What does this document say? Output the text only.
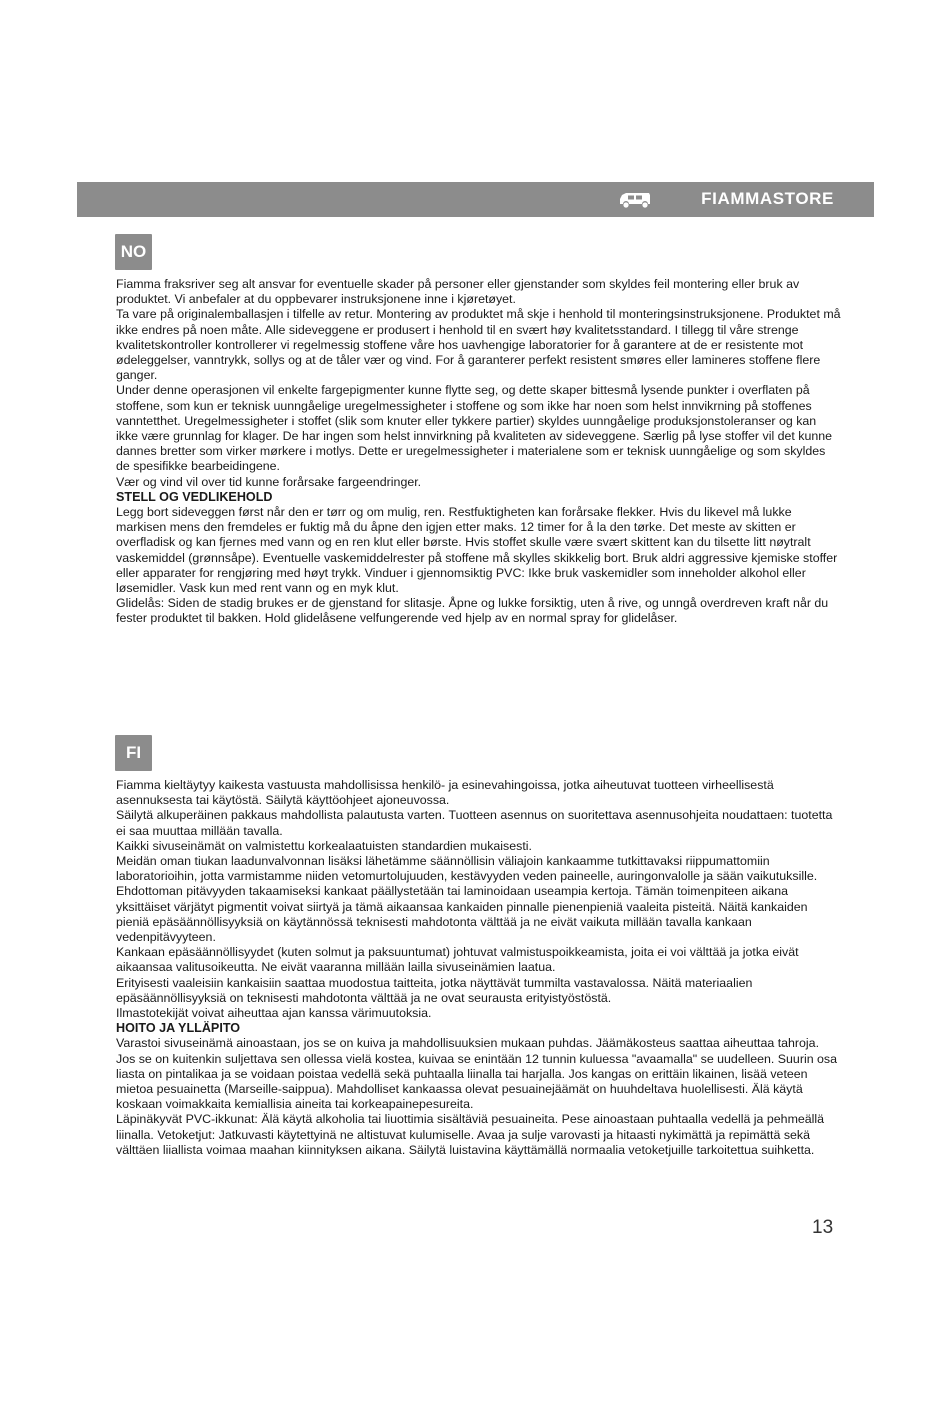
FIAMMASTORE
NO

Fiamma fraksriver seg alt ansvar for eventuelle skader på personer eller gjenstander som skyldes feil montering eller bruk av produktet. Vi anbefaler at du oppbevarer instruksjonene inne i kjøretøyet.

Ta vare på originalemballasjen i tilfelle av retur. Montering av produktet må skje i henhold til monteringsinstruksjonene. Produktet må ikke endres på noen måte. Alle sideveggene er produsert i henhold til en svært høy kvalitetsstandard. I tillegg til våre strenge kvalitetskontroller kontrollerer vi regelmessig stoffene våre hos uavhengige laboratorier for å garantere at de er resistente mot ødeleggelser, vanntrykk, sollys og at de tåler vær og vind. For å garanterer perfekt resistent smøres eller lamineres stoffene flere ganger.

Under denne operasjonen vil enkelte fargepigmenter kunne flytte seg, og dette skaper bittesmå lysende punkter i overflaten på stoffene, som kun er teknisk uunngåelige uregelmessigheter i stoffene og som ikke har noen som helst innvikrning på stoffenes vanntetthet. Uregelmessigheter i stoffet (slik som knuter eller tykkere partier) skyldes uunngåelige produksjonstoleranser og kan ikke være grunnlag for klager. De har ingen som helst innvirkning på kvaliteten av sideveggene. Særlig på lyse stoffer vil det kunne dannes bretter som virker mørkere i motlys. Dette er uregelmessigheter i materialene som er teknisk uunngåelige og som skyldes de spesifikke bearbeidingene.

Vær og vind vil over tid kunne forårsake fargeendringer.

STELL OG VEDLIKEHOLD

Legg bort sideveggen først når den er tørr og om mulig, ren. Restfuktigheten kan forårsake flekker. Hvis du likevel må lukke markisen mens den fremdeles er fuktig må du åpne den igjen etter maks. 12 timer for å la den tørke. Det meste av skitten er overfladisk og kan fjernes med vann og en ren klut eller børste. Hvis stoffet skulle være svært skittent kan du tilsette litt nøytralt vaskemiddel (grønnsåpe). Eventuelle vaskemiddelrester på stoffene må skylles skikkelig bort. Bruk aldri aggressive kjemiske stoffer eller apparater for rengjøring med høyt trykk. Vinduer i gjennomsiktig PVC: Ikke bruk vaskemidler som inneholder alkohol eller løsemidler. Vask kun med rent vann og en myk klut.

Glidelås: Siden de stadig brukes er de gjenstand for slitasje. Åpne og lukke forsiktig, uten å rive, og unngå overdreven kraft når du fester produktet til bakken. Hold glidelåsene velfungerende ved hjelp av en normal spray for glidelåser.

FI

Fiamma kieltäytyy kaikesta vastuusta mahdollisissa henkilö- ja esinevahingoissa, jotka aiheutuvat tuotteen virheellisestä asennuksesta tai käytöstä. Säilytä käyttöohjeet ajoneuvossa.

Säilytä alkuperäinen pakkaus mahdollista palautusta varten. Tuotteen asennus on suoritettava asennusohjeita noudattaen: tuotetta ei saa muuttaa millään tavalla.

Kaikki sivuseinämät on valmistettu korkealaatuisten standardien mukaisesti.

Meidän oman tiukan laadunvalvonnan lisäksi lähetämme säännöllisin väliajoin kankaamme tutkittavaksi riippumattomiin laboratorioihin, jotta varmistamme niiden vetomurtolujuuden, kestävyyden veden paineelle, auringonvalolle ja sään vaikutuksille. Ehdottoman pitävyyden takaamiseksi kankaat päällystetään tai laminoidaan useampia kertoja. Tämän toimenpiteen aikana yksittäiset värjätyt pigmentit voivat siirtyä ja tämä aikaansaa kankaiden pinnalle pienenpieniä vaaleita pisteitä. Näitä kankaiden pieniä epäsäännöllisyyksiä on käytännössä teknisesti mahdotonta välttää ja ne eivät vaikuta millään tavalla kankaan vedenpitävyyteen.

Kankaan epäsäännöllisyydet (kuten solmut ja paksuuntumat) johtuvat valmistuspoikkeamista, joita ei voi välttää ja jotka eivät aikaansaa valitusoikeutta. Ne eivät vaaranna millään lailla sivuseinämien laatua.

Erityisesti vaaleisiin kankaisiin saattaa muodostua taitteita, jotka näyttävät tummilta vastavalossa. Näitä materiaalien epäsäännöllisyyksiä on teknisesti mahdotonta välttää ja ne ovat seurausta erityistyöstöstä.

Ilmastotekijät voivat aiheuttaa ajan kanssa värimuutoksia.

HOITO JA YLLÄPITO

Varastoi sivuseinämä ainoastaan, jos se on kuiva ja mahdollisuuksien mukaan puhdas. Jäämäkosteus saattaa aiheuttaa tahroja. Jos se on kuitenkin suljettava sen ollessa vielä kostea, kuivaa se enintään 12 tunnin kuluessa "avaamalla" se uudelleen. Suurin osa liasta on pintalikaa ja se voidaan poistaa vedellä sekä puhtaalla liinalla tai harjalla. Jos kangas on erittäin likainen, lisää veteen mietoa pesuainetta (Marseille-saippua). Mahdolliset kankaassa olevat pesuainejäämät on huuhdeltava huolellisesti. Älä käytä koskaan voimakkaita kemiallisia aineita tai korkeapainepesureita.

Läpinäkyvät PVC-ikkunat: Älä käytä alkoholia tai liuottimia sisältäviä pesuaineita. Pese ainoastaan puhtaalla vedellä ja pehmeällä liinalla. Vetoketjut: Jatkuvasti käytettyinä ne altistuvat kulumiselle. Avaa ja sulje varovasti ja hitaasti nykimättä ja repimättä sekä välttäen liiallista voimaa maahan kiinnityksen aikana. Säilytä luistavina käyttämällä normaalia vetoketjuille tarkoitettua suihketta.

13
